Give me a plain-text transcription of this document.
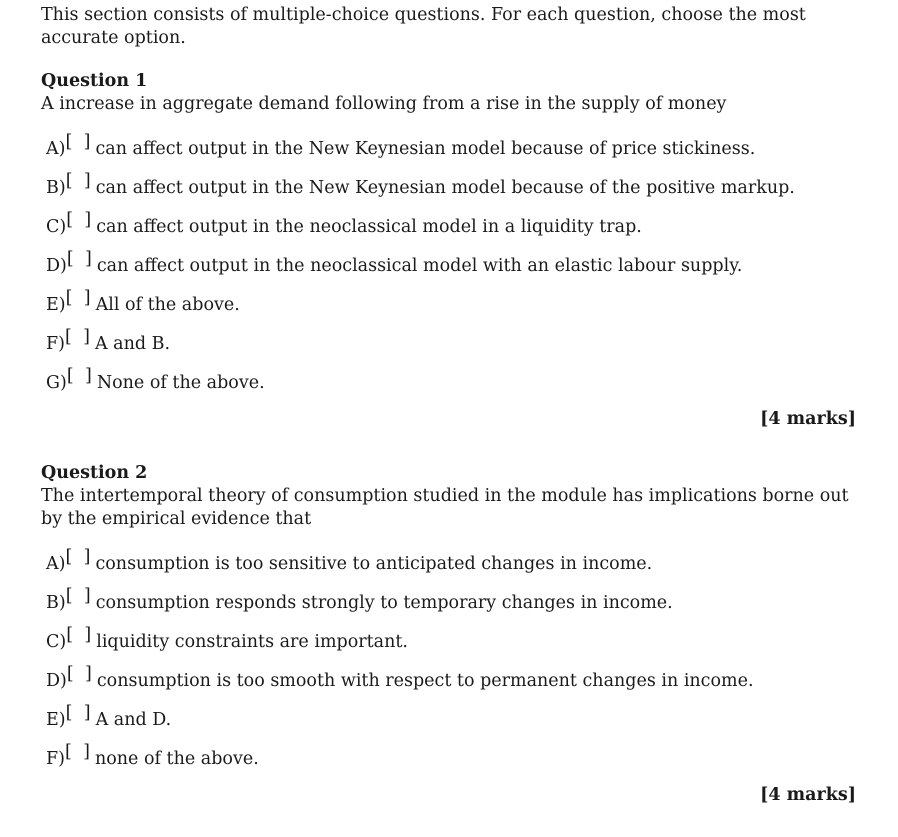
This section consists of multiple-choice questions. For each question, choose the most accurate option.

Question 1

A increase in aggregate demand following from a rise in the supply of money

A) [ ] can affect output in the New Keynesian model because of price stickiness.
B) [ ] can affect output in the New Keynesian model because of the positive markup.
C) [ ] can affect output in the neoclassical model in a liquidity trap.
D) [ ] can affect output in the neoclassical model with an elastic labour supply.
E) [ ] All of the above.
F) [ ] A and B.
G) [ ] None of the above.
[4 marks]

Question 2

The intertemporal theory of consumption studied in the module has implications borne out by the empirical evidence that

A) [ ] consumption is too sensitive to anticipated changes in income.
B) [ ] consumption responds strongly to temporary changes in income.
C) [ ] liquidity constraints are important.
D) [ ] consumption is too smooth with respect to permanent changes in income.
E) [ ] A and D.
F) [ ] none of the above.
[4 marks]
